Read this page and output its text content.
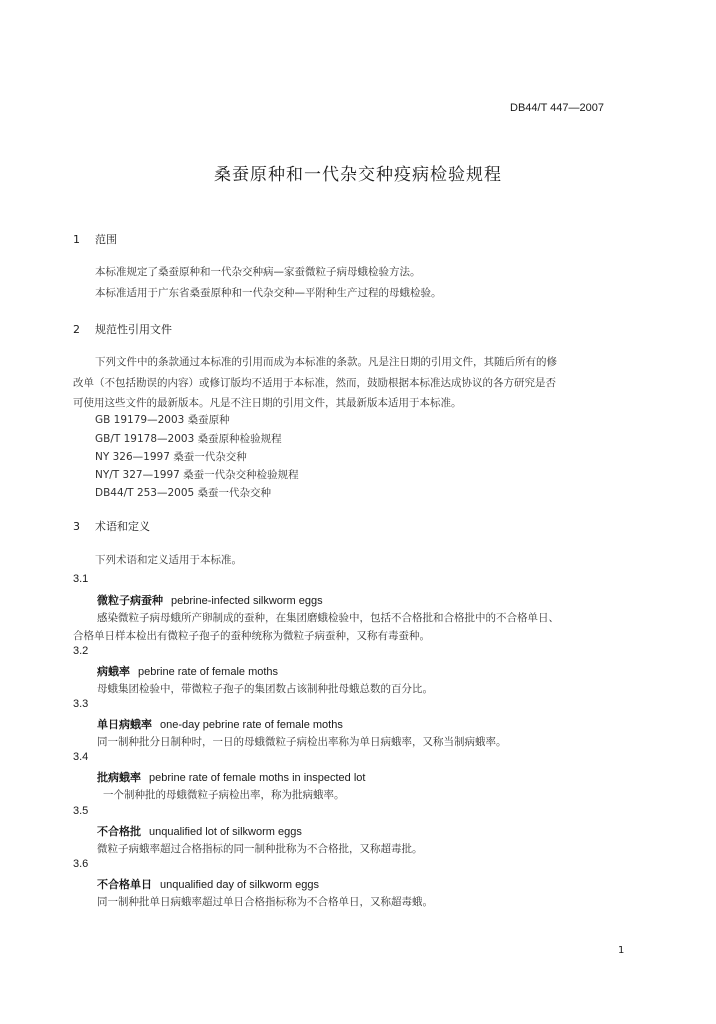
DB44/T 447—2007
桑蚕原种和一代杂交种疫病检验规程
1 范围
本标准规定了桑蚕原种和一代杂交种病—家蚕微粒子病母蛾检验方法。
本标准适用于广东省桑蚕原种和一代杂交种—平附种生产过程的母蛾检验。
2 规范性引用文件
下列文件中的条款通过本标准的引用而成为本标准的条款。凡是注日期的引用文件，其随后所有的修
改单（不包括勘误的内容）或修订版均不适用于本标准，然而，鼓励根据本标准达成协议的各方研究是否
可使用这些文件的最新版本。凡是不注日期的引用文件，其最新版本适用于本标准。
GB 19179—2003 桑蚕原种
GB/T 19178—2003 桑蚕原种检验规程
NY 326—1997 桑蚕一代杂交种
NY/T 327—1997 桑蚕一代杂交种检验规程
DB44/T 253—2005 桑蚕一代杂交种
3 术语和定义
下列术语和定义适用于本标准。
3.1
微粒子病蚕种 pebrine-infected silkworm eggs
感染微粒子病母蛾所产卵制成的蚕种，在集团磨蛾检验中，包括不合格批和合格批中的不合格单日、
合格单日样本检出有微粒子孢子的蚕种统称为微粒子病蚕种，又称有毒蚕种。
3.2
病蛾率 pebrine rate of female moths
母蛾集团检验中，带微粒子孢子的集团数占该制种批母蛾总数的百分比。
3.3
单日病蛾率 one-day pebrine rate of female moths
同一制种批分日制种时，一日的母蛾微粒子病检出率称为单日病蛾率，又称当制病蛾率。
3.4
批病蛾率 pebrine rate of female moths in inspected lot
一个制种批的母蛾微粒子病检出率，称为批病蛾率。
3.5
不合格批 unqualified lot of silkworm eggs
微粒子病蛾率超过合格指标的同一制种批称为不合格批，又称超毒批。
3.6
不合格单日 unqualified day of silkworm eggs
同一制种批单日病蛾率超过单日合格指标称为不合格单日，又称超毒蛾。
1
